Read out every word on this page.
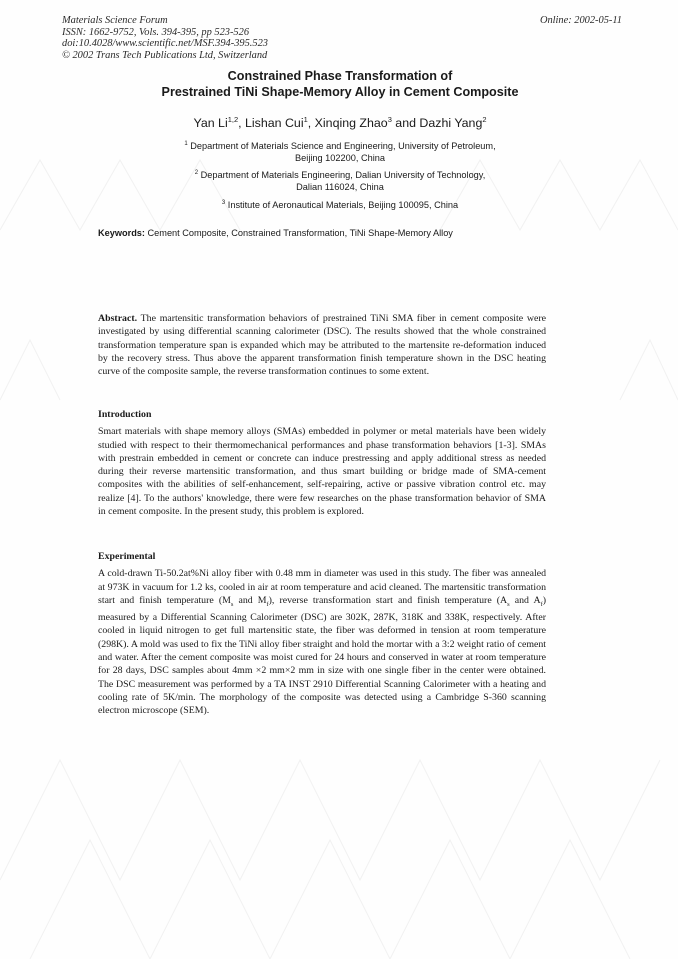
Materials Science Forum
ISSN: 1662-9752, Vols. 394-395, pp 523-526
doi:10.4028/www.scientific.net/MSF.394-395.523
© 2002 Trans Tech Publications Ltd, Switzerland
Online: 2002-05-11
Constrained Phase Transformation of
Prestrained TiNi Shape-Memory Alloy in Cement Composite
Yan Li$^{1,2}$, Lishan Cui$^1$, Xinqing Zhao$^3$ and Dazhi Yang$^2$

$^1$ Department of Materials Science and Engineering, University of Petroleum,
Beijing 102200, China

$^2$ Department of Materials Engineering, Dalian University of Technology,
Dalian 116024, China

$^3$ Institute of Aeronautical Materials, Beijing 100095, China

Keywords: Cement Composite, Constrained Transformation, TiNi Shape-Memory Alloy

Abstract. The martensitic transformation behaviors of prestrained TiNi SMA fiber in cement composite were investigated by using differential scanning calorimeter (DSC). The results showed that the whole constrained transformation temperature span is expanded which may be attributed to the martensite re-deformation induced by the recovery stress. Thus above the apparent transformation finish temperature shown in the DSC heating curve of the composite sample, the reverse transformation continues to some extent.

Introduction

Smart materials with shape memory alloys (SMAs) embedded in polymer or metal materials have been widely studied with respect to their thermomechanical performances and phase transformation behaviors [1-3]. SMAs with prestrain embedded in cement or concrete can induce prestressing and apply additional stress as needed during their reverse martensitic transformation, and thus smart building or bridge made of SMA-cement composites with the abilities of self-enhancement, self-repairing, active or passive vibration control etc. may realize [4]. To the authors' knowledge, there were few researches on the phase transformation behavior of SMA in cement composite. In the present study, this problem is explored.

Experimental

A cold-drawn Ti-50.2at%Ni alloy fiber with 0.48 mm in diameter was used in this study. The fiber was annealed at 973K in vacuum for 1.2 ks, cooled in air at room temperature and acid cleaned. The martensitic transformation start and finish temperature ($M_s$ and $M_f$), reverse transformation start and finish temperature ($A_s$ and $A_f$) measured by a Differential Scanning Calorimeter (DSC) are 302K, 287K, 318K and 338K, respectively. After cooled in liquid nitrogen to get full martensitic state, the fiber was deformed in tension at room temperature (298K). A mold was used to fix the TiNi alloy fiber straight and hold the mortar with a 3:2 weight ratio of cement and water. After the cement composite was moist cured for 24 hours and conserved in water at room temperature for 28 days, DSC samples about 4mm ×2 mm×2 mm in size with one single fiber in the center were obtained. The DSC measurement was performed by a TA INST 2910 Differential Scanning Calorimeter with a heating and cooling rate of 5K/min. The morphology of the composite was detected using a Cambridge S-360 scanning electron microscope (SEM).
